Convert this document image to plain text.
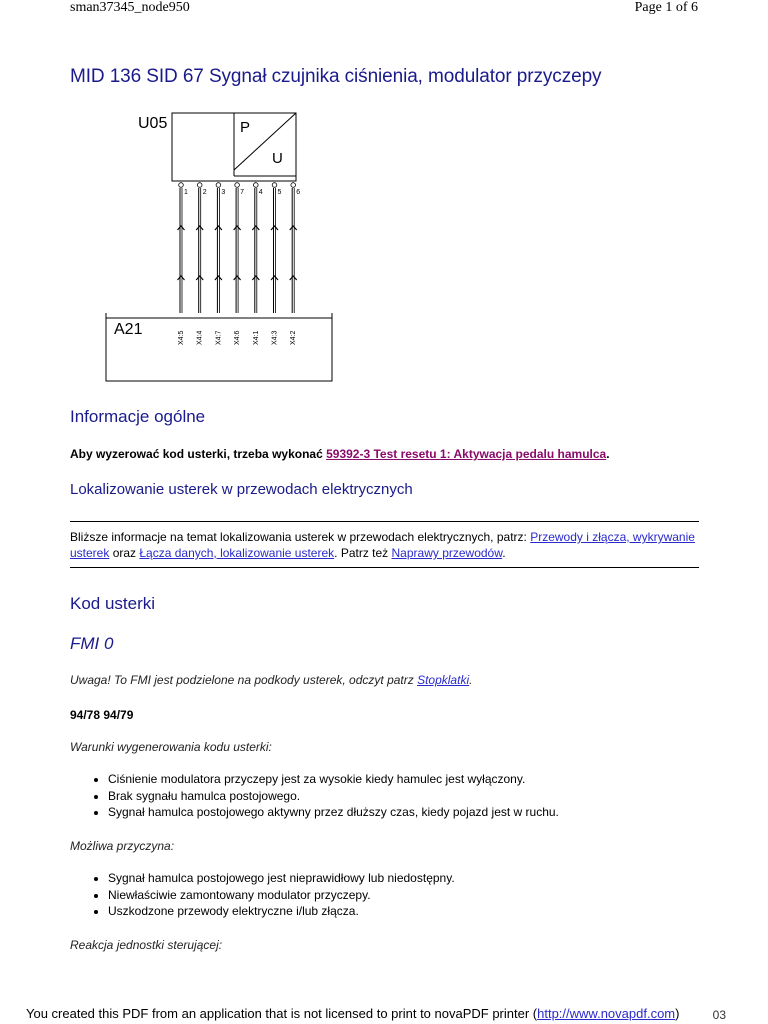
sman37345_node950	Page 1 of 6
MID 136 SID 67 Sygnał czujnika ciśnienia, modulator przyczepy
U05
A21
P
U
1
X4:5
2
X4:4
3
X4:7
7
X4:6
4
X4:1
5
X4:3
6
X4:2
Informacje ogólne

Aby wyzerować kod usterki, trzeba wykonać 59392-3 Test resetu 1: Aktywacja pedalu hamulca.

Lokalizowanie usterek w przewodach elektrycznych

Bliższe informacje na temat lokalizowania usterek w przewodach elektrycznych, patrz: Przewody i złącza, wykrywanie usterek oraz Łącza danych, lokalizowanie usterek. Patrz też Naprawy przewodów.

Kod usterki
FMI 0

Uwaga! To FMI jest podzielone na podkody usterek, odczyt patrz Stopklatki.

94/78 94/79

Warunki wygenerowania kodu usterki:

• Ciśnienie modulatora przyczepy jest za wysokie kiedy hamulec jest wyłączony.
• Brak sygnału hamulca postojowego.
• Sygnał hamulca postojowego aktywny przez dłuższy czas, kiedy pojazd jest w ruchu.

Możliwa przyczyna:

• Sygnał hamulca postojowego jest nieprawidłowy lub niedostępny.
• Niewłaściwie zamontowany modulator przyczepy.
• Uszkodzone przewody elektryczne i/lub złącza.

Reakcja jednostki sterującej:

You created this PDF from an application that is not licensed to print to novaPDF printer (http://www.novapdf.com)	03
